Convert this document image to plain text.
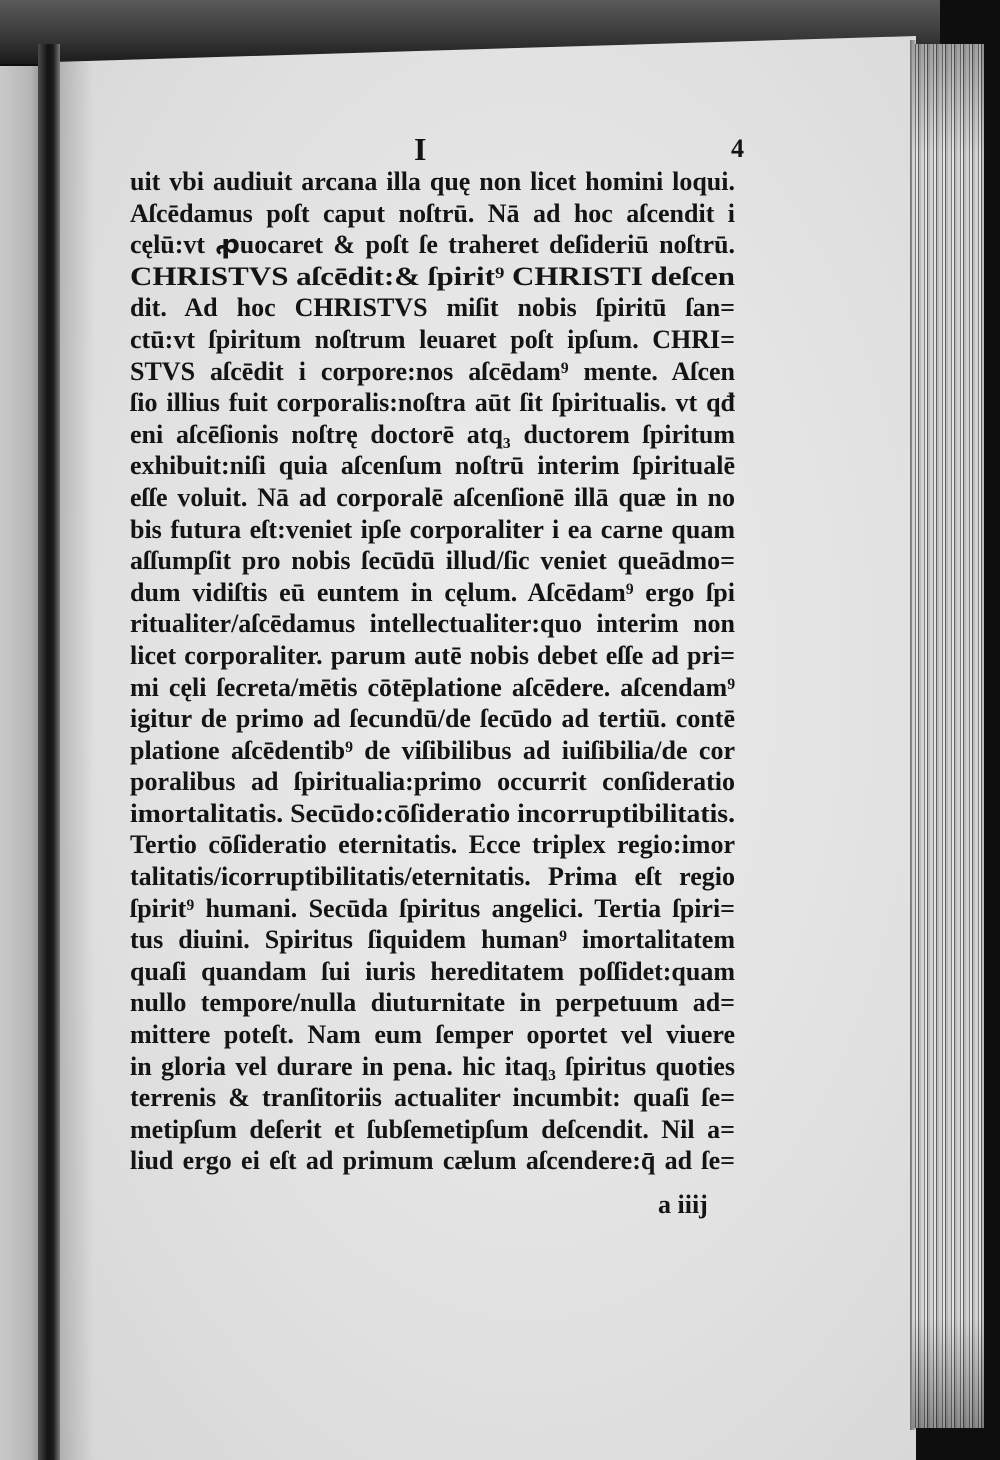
I	4
uit vbi audiuit arcana illa quę non licet homini loqui.
Aſcēdamus poſt caput noſtrū. Nā ad hoc aſcendit i
cęlū:vt ꝓuocaret & poſt ſe traheret deſideriū noſtrū.
CHRISTVS aſcēdit:& ſpirit⁹ CHRISTI deſcen
dit. Ad hoc CHRISTVS miſit nobis ſpiritū ſan=
ctū:vt ſpiritum noſtrum leuaret poſt ipſum. CHRI=
STVS aſcēdit i corpore:nos aſcēdam⁹ mente. Aſcen
ſio illius fuit corporalis:noſtra aūt ſit ſpiritualis. vt qđ
eni aſcēſionis noſtrę doctorē atq₃ ductorem ſpiritum
exhibuit:niſi quia aſcenſum noſtrū interim ſpiritualē
eſſe voluit. Nā ad corporalē aſcenſionē illā quæ in no
bis futura eſt:veniet ipſe corporaliter i ea carne quam
aſſumpſit pro nobis ſecūdū illud/ſic veniet queādmo=
dum vidiſtis eū euntem in cęlum. Aſcēdam⁹ ergo ſpi
ritualiter/aſcēdamus intellectualiter:quo interim non
licet corporaliter. parum autē nobis debet eſſe ad pri=
mi cęli ſecreta/mētis cōtēplatione aſcēdere. aſcendam⁹
igitur de primo ad ſecundū/de ſecūdo ad tertiū. contē
platione aſcēdentib⁹ de viſibilibus ad iuiſibilia/de cor
poralibus ad ſpiritualia:primo occurrit conſideratio
imortalitatis. Secūdo:cōſideratio incorruptibilitatis.
Tertio cōſideratio eternitatis. Ecce triplex regio:imor
talitatis/icorruptibilitatis/eternitatis. Prima eſt regio
ſpirit⁹ humani. Secūda ſpiritus angelici. Tertia ſpiri=
tus diuini. Spiritus ſiquidem human⁹ imortalitatem
quaſi quandam ſui iuris hereditatem poſſidet:quam
nullo tempore/nulla diuturnitate in perpetuum ad=
mittere poteſt. Nam eum ſemper oportet vel viuere
in gloria vel durare in pena. hic itaq₃ ſpiritus quoties
terrenis & tranſitoriis actualiter incumbit: quaſi ſe=
metipſum deſerit et ſubſemetipſum deſcendit. Nil a=
liud ergo ei eſt ad primum cælum aſcendere:q̄ ad ſe=
a iiij
